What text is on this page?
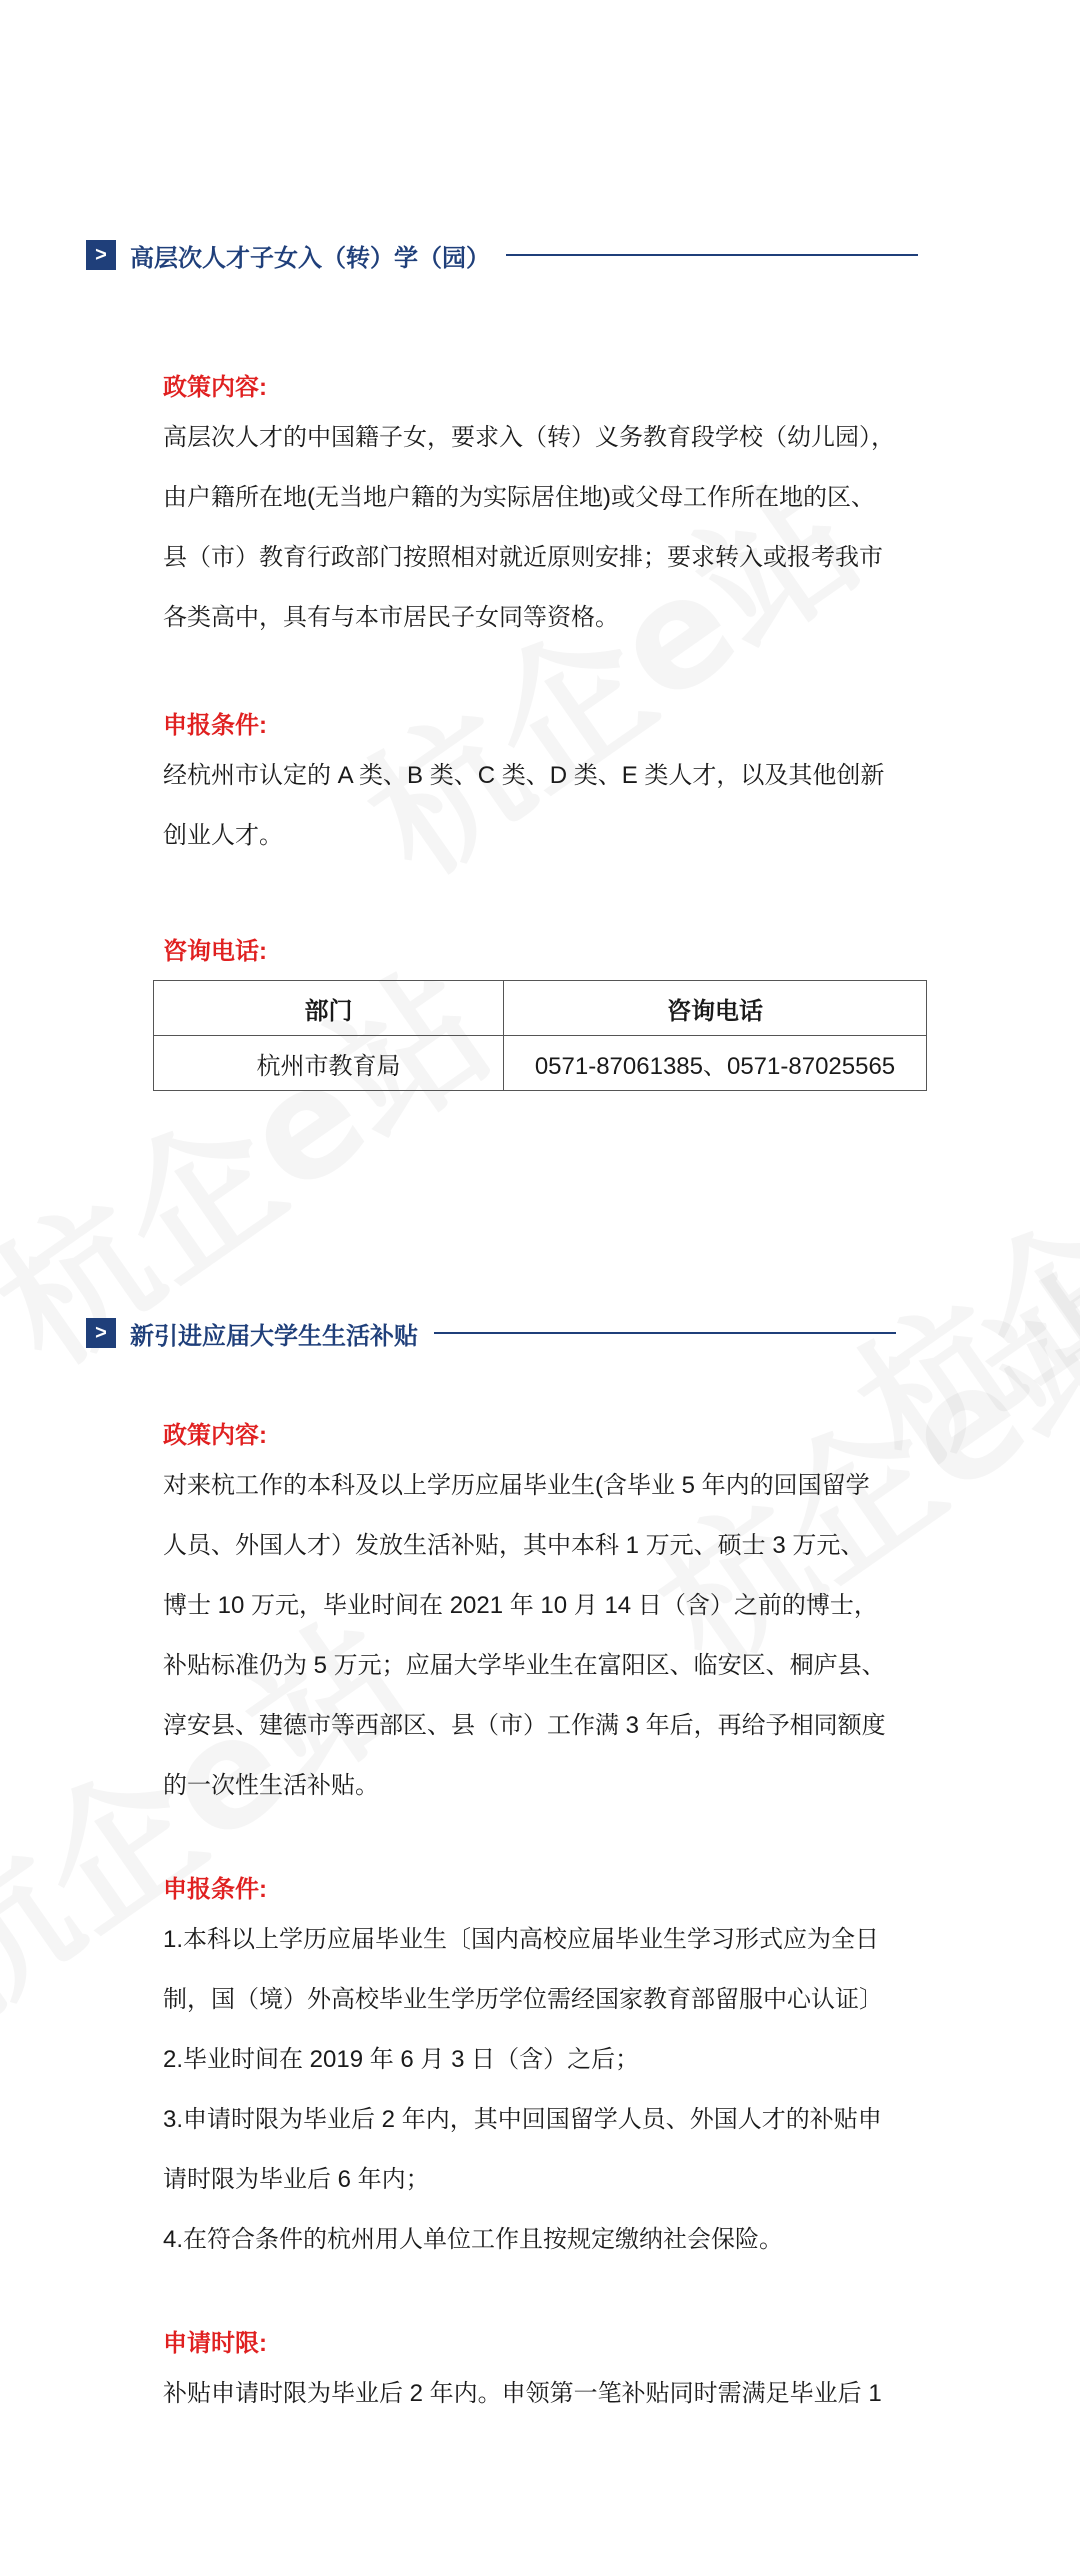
> 高层次人才子女入（转）学（园）
政策内容:

高层次人才的中国籍子女，要求入（转）义务教育段学校（幼儿园），

由户籍所在地(无当地户籍的为实际居住地)或父母工作所在地的区、

县（市）教育行政部门按照相对就近原则安排；要求转入或报考我市

各类高中，具有与本市居民子女同等资格。

申报条件:

经杭州市认定的 A 类、B 类、C 类、D 类、E 类人才，以及其他创新

创业人才。

咨询电话:
部门	咨询电话
杭州市教育局	0571-87061385、0571-87025565
> 新引进应届大学生生活补贴
政策内容:

对来杭工作的本科及以上学历应届毕业生(含毕业 5 年内的回国留学

人员、外国人才）发放生活补贴，其中本科 1 万元、硕士 3 万元、

博士 10 万元，毕业时间在 2021 年 10 月 14 日（含）之前的博士，

补贴标准仍为 5 万元；应届大学毕业生在富阳区、临安区、桐庐县、

淳安县、建德市等西部区、县（市）工作满 3 年后，再给予相同额度

的一次性生活补贴。

申报条件:

1.本科以上学历应届毕业生〔国内高校应届毕业生学习形式应为全日

制，国（境）外高校毕业生学历学位需经国家教育部留服中心认证〕

2.毕业时间在 2019 年 6 月 3 日（含）之后；

3.申请时限为毕业后 2 年内，其中回国留学人员、外国人才的补贴申

请时限为毕业后 6 年内；

4.在符合条件的杭州用人单位工作且按规定缴纳社会保险。

申请时限:

补贴申请时限为毕业后 2 年内。申领第一笔补贴同时需满足毕业后 1
